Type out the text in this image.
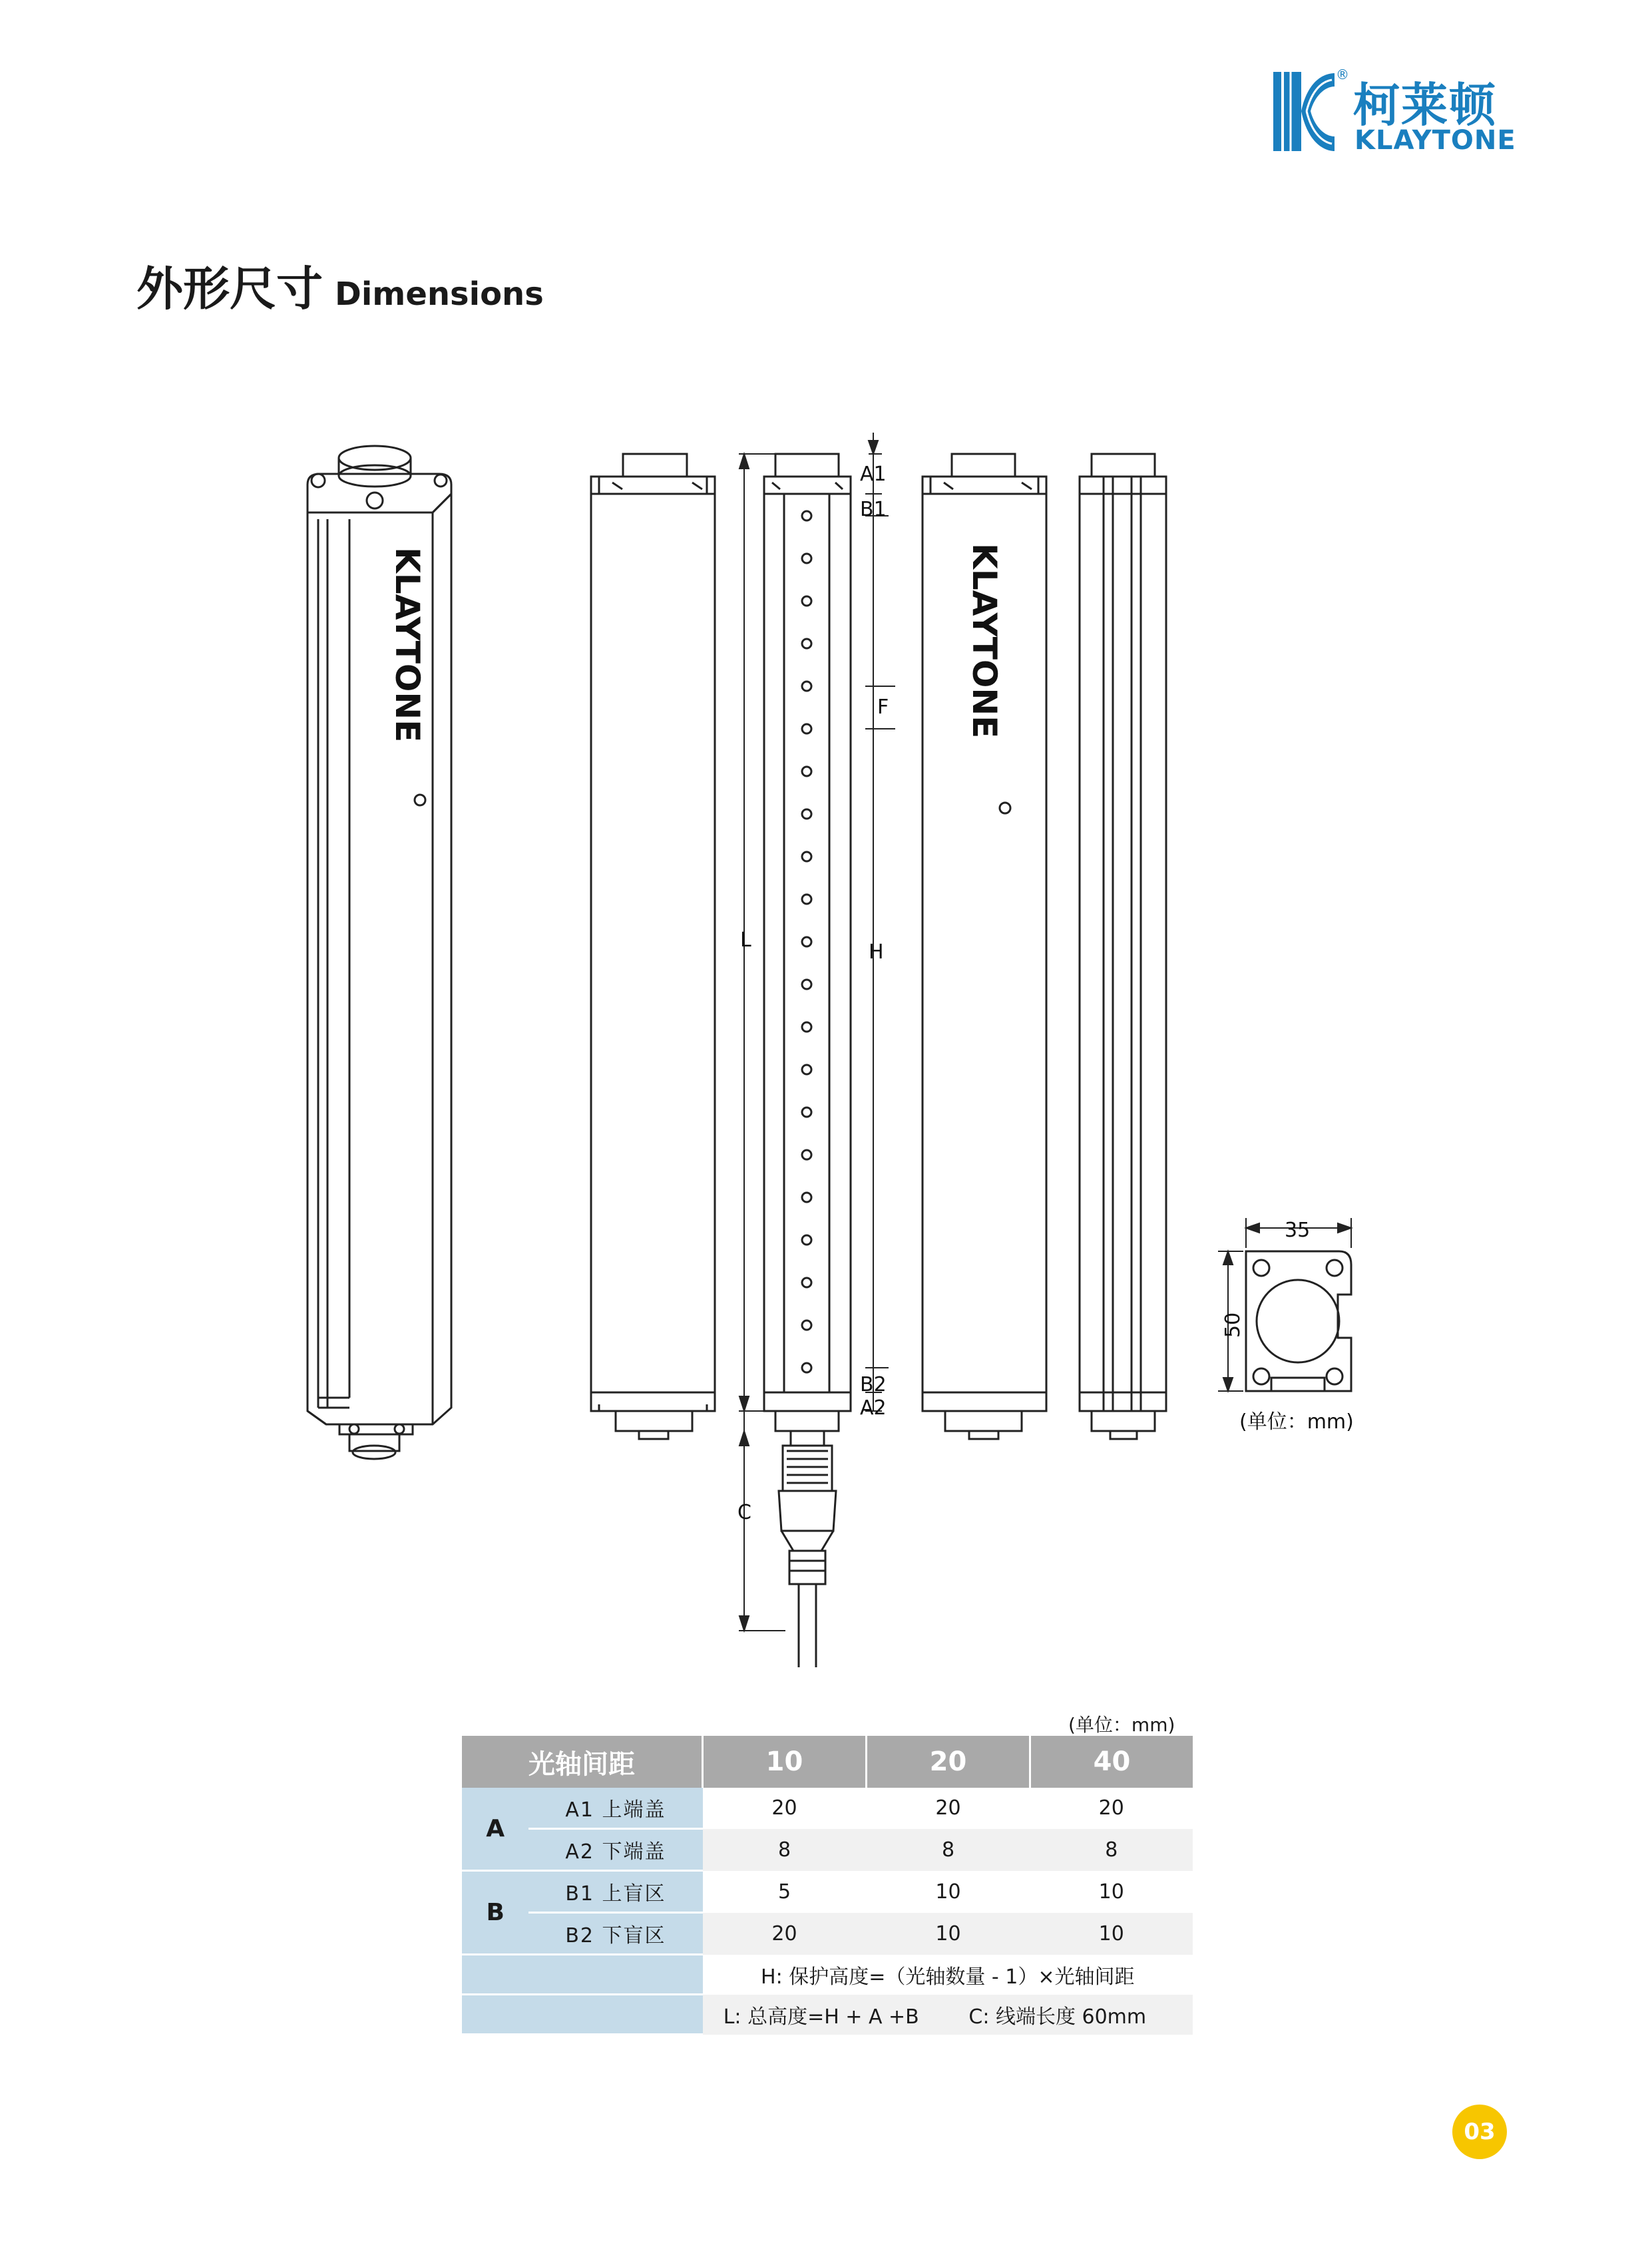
®
柯莱顿
KLAYTONE
外形尺寸 Dimensions
KLAYTONE	KLAYTONE
A1
B1
F
H
L
B2
A2
C
35
50
(单位：mm)
(单位：mm)
光轴间距		10	20	40
A	A1 上端盖	20	20	20
	A2 下端盖	8	8	8
B	B1 上盲区	5	10	10
	B2 下盲区	20	10	10
		H: 保护高度=（光轴数量 - 1）×光轴间距		
		L: 总高度=H + A +B C: 线端长度 60mm		
03
